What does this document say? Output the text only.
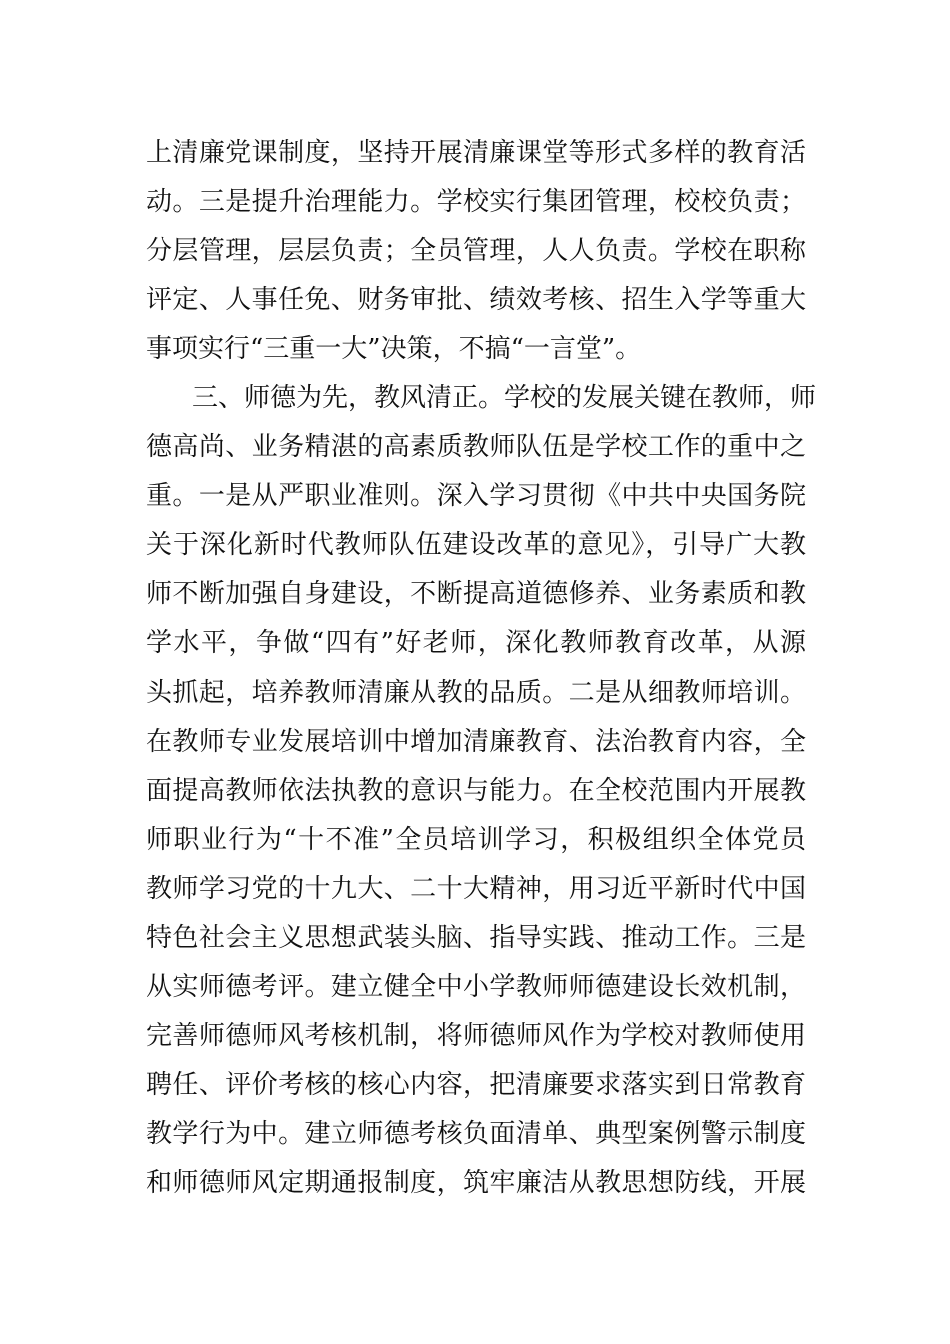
上清廉党课制度，坚持开展清廉课堂等形式多样的教育活
动。三是提升治理能力。学校实行集团管理，校校负责；
分层管理，层层负责；全员管理，人人负责。学校在职称
评定、人事任免、财务审批、绩效考核、招生入学等重大
事项实行“三重一大”决策，不搞“一言堂”。
三、师德为先，教风清正。学校的发展关键在教师，师
德高尚、业务精湛的高素质教师队伍是学校工作的重中之
重。一是从严职业准则。深入学习贯彻《中共中央国务院
关于深化新时代教师队伍建设改革的意见》，引导广大教
师不断加强自身建设，不断提高道德修养、业务素质和教
学水平，争做“四有”好老师，深化教师教育改革，从源
头抓起，培养教师清廉从教的品质。二是从细教师培训。
在教师专业发展培训中增加清廉教育、法治教育内容，全
面提高教师依法执教的意识与能力。在全校范围内开展教
师职业行为“十不准”全员培训学习，积极组织全体党员
教师学习党的十九大、二十大精神，用习近平新时代中国
特色社会主义思想武装头脑、指导实践、推动工作。三是
从实师德考评。建立健全中小学教师师德建设长效机制，
完善师德师风考核机制，将师德师风作为学校对教师使用
聘任、评价考核的核心内容，把清廉要求落实到日常教育
教学行为中。建立师德考核负面清单、典型案例警示制度
和师德师风定期通报制度，筑牢廉洁从教思想防线，开展
